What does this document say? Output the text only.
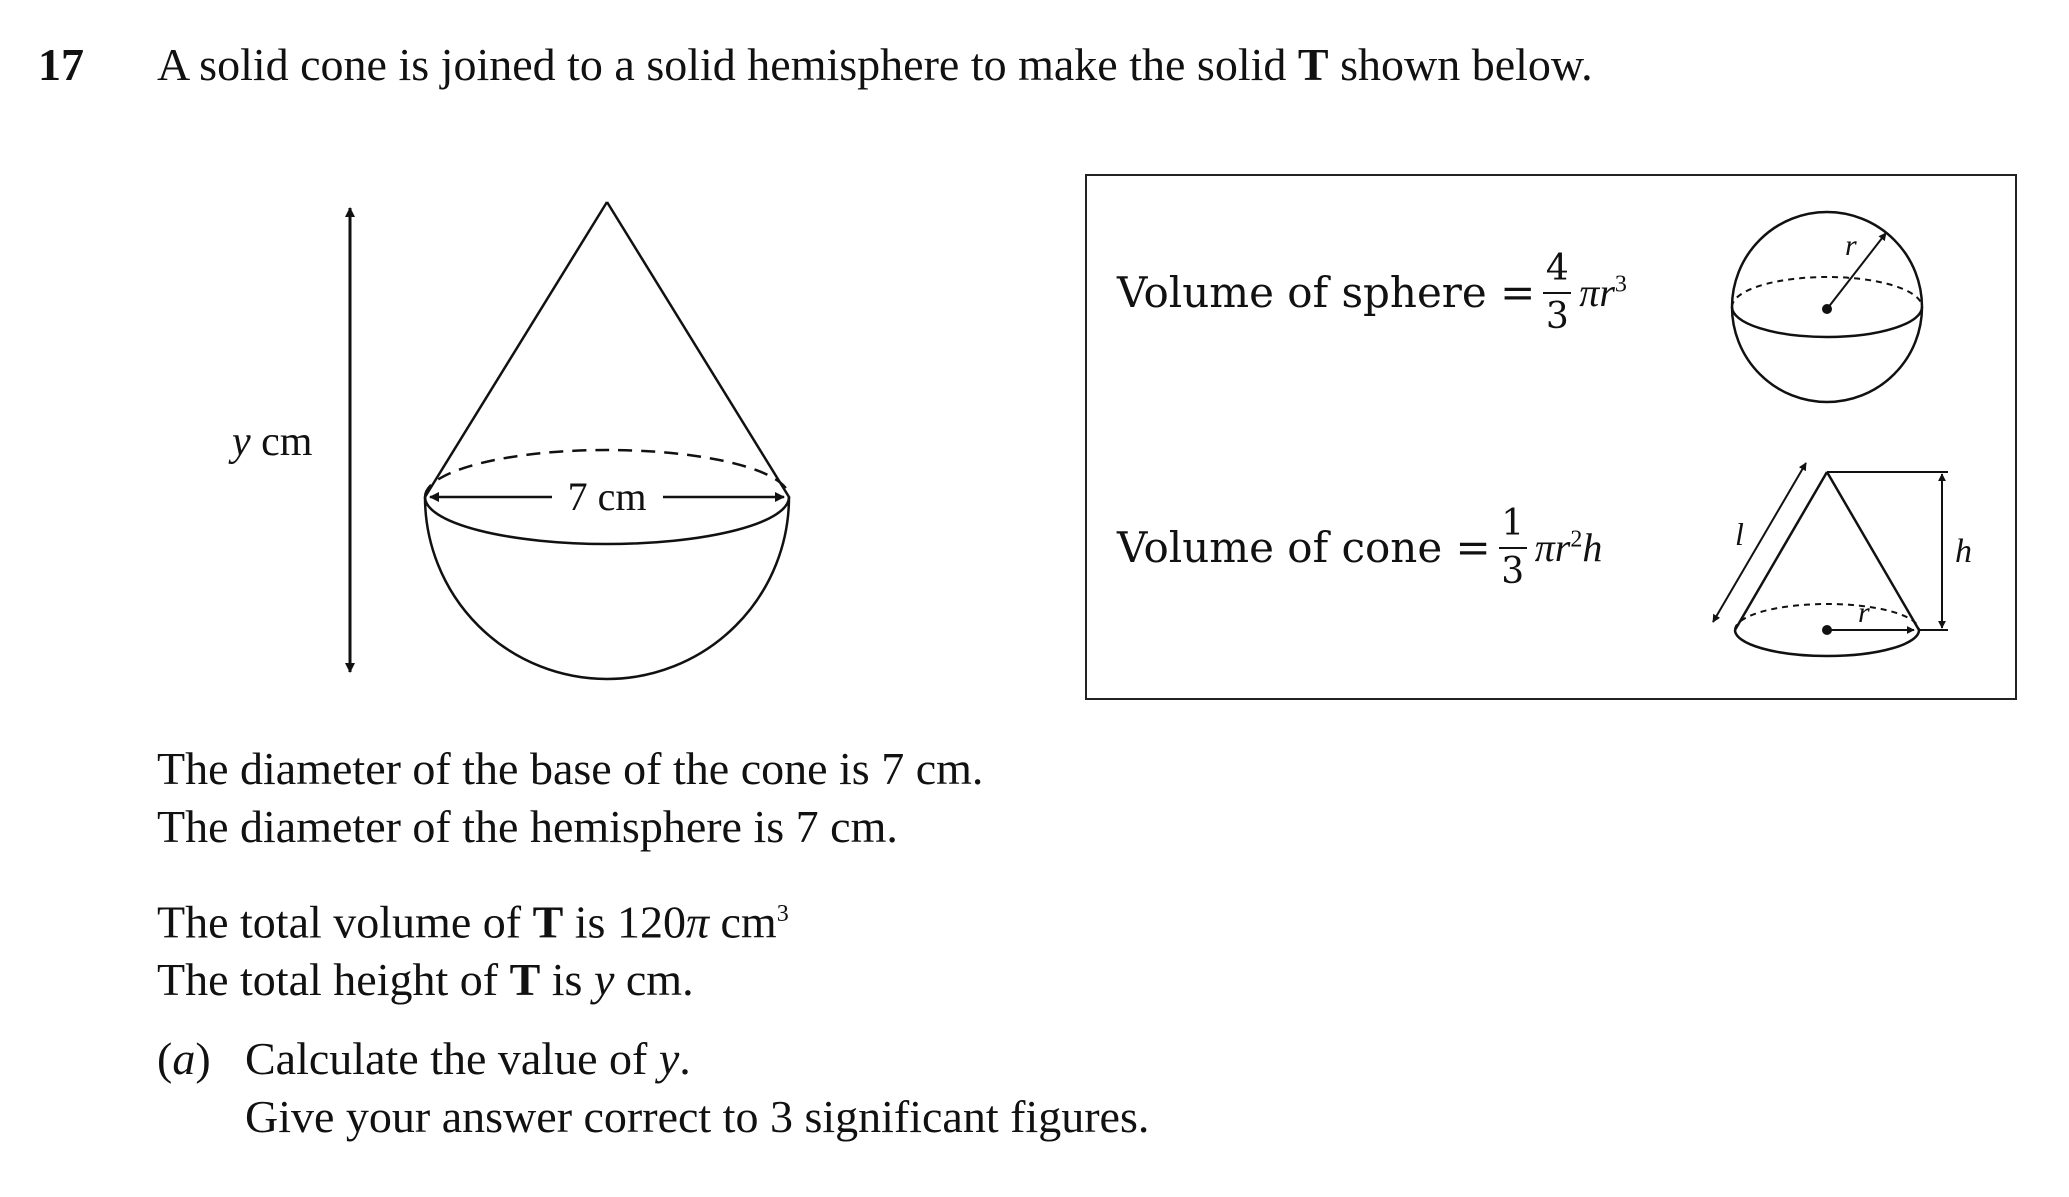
17 A solid cone is joined to a solid hemisphere to make the solid T shown below.
7 cm
y cm
Volume of sphere = $\frac{4}{3} \pi r^3$
Volume of cone = $\frac{1}{3} \pi r^2h$
r
r
l	h
The diameter of the base of the cone is 7 cm.
The diameter of the hemisphere is 7 cm.
The total volume of T is 120π $cm^3$
The total height of T is y cm.
(a) Calculate the value of y.
Give your answer correct to 3 significant figures.
